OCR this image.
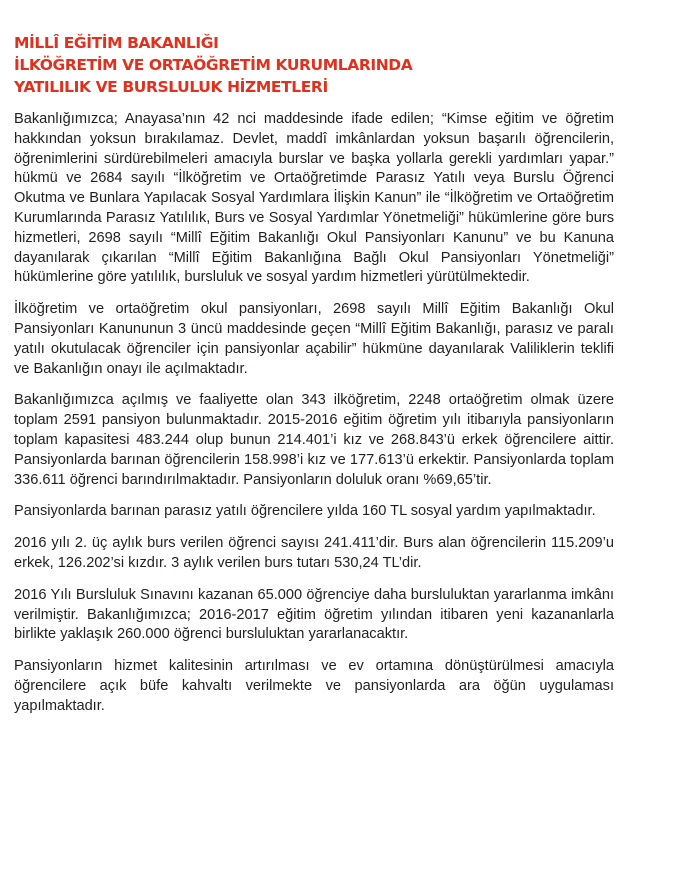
MİLLÎ EĞİTİM BAKANLIĞI
İLKÖĞRETİM VE ORTAÖĞRETİM KURUMLARINDA
YATILILIK VE BURSLULUK HİZMETLERİ

Bakanlığımızca; Anayasa’nın 42 nci maddesinde ifade edilen; “Kimse eğitim ve öğretim hakkından yoksun bırakılamaz. Devlet, maddî imkânlardan yoksun başarılı öğrencilerin, öğrenimlerini sürdürebilmeleri amacıyla burslar ve başka yollarla gerekli yardımları yapar.” hükmü ve 2684 sayılı “İlköğretim ve Ortaöğretimde Parasız Yatılı veya Burslu Öğrenci Okutma ve Bunlara Yapılacak Sosyal Yardımlara İlişkin Kanun” ile “İlköğretim ve Ortaöğretim Kurumlarında Parasız Yatılılık, Burs ve Sosyal Yardımlar Yönetmeliği” hükümlerine göre burs hizmetleri, 2698 sayılı “Millî Eğitim Bakanlığı Okul Pansiyonları Kanunu” ve bu Kanuna dayanılarak çıkarılan “Millî Eğitim Bakanlığına Bağlı Okul Pansiyonları Yönetmeliği” hükümlerine göre yatılılık, bursluluk ve sosyal yardım hizmetleri yürütülmektedir.

İlköğretim ve ortaöğretim okul pansiyonları, 2698 sayılı Millî Eğitim Bakanlığı Okul Pansiyonları Kanununun 3 üncü maddesinde geçen “Millî Eğitim Bakanlığı, parasız ve paralı yatılı okutulacak öğrenciler için pansiyonlar açabilir” hükmüne dayanılarak Valiliklerin teklifi ve Bakanlığın onayı ile açılmaktadır.

Bakanlığımızca açılmış ve faaliyette olan 343 ilköğretim, 2248 ortaöğretim olmak üzere toplam 2591 pansiyon bulunmaktadır. 2015-2016 eğitim öğretim yılı itibarıyla pansiyonların toplam kapasitesi 483.244 olup bunun 214.401’i kız ve 268.843’ü erkek öğrencilere aittir. Pansiyonlarda barınan öğrencilerin 158.998’i kız ve 177.613’ü erkektir. Pansiyonlarda toplam 336.611 öğrenci barındırılmaktadır. Pansiyonların doluluk oranı %69,65’tir.

Pansiyonlarda barınan parasız yatılı öğrencilere yılda 160 TL sosyal yardım yapılmaktadır.

2016 yılı 2. üç aylık burs verilen öğrenci sayısı 241.411’dir. Burs alan öğrencilerin 115.209’u erkek, 126.202’si kızdır. 3 aylık verilen burs tutarı 530,24 TL’dir.

2016 Yılı Bursluluk Sınavını kazanan 65.000 öğrenciye daha bursluluktan yararlanma imkânı verilmiştir. Bakanlığımızca; 2016-2017 eğitim öğretim yılından itibaren yeni kazananlarla birlikte yaklaşık 260.000 öğrenci bursluluktan yararlanacaktır.

Pansiyonların hizmet kalitesinin artırılması ve ev ortamına dönüştürülmesi amacıyla öğrencilere açık büfe kahvaltı verilmekte ve pansiyonlarda ara öğün uygulaması yapılmaktadır.
